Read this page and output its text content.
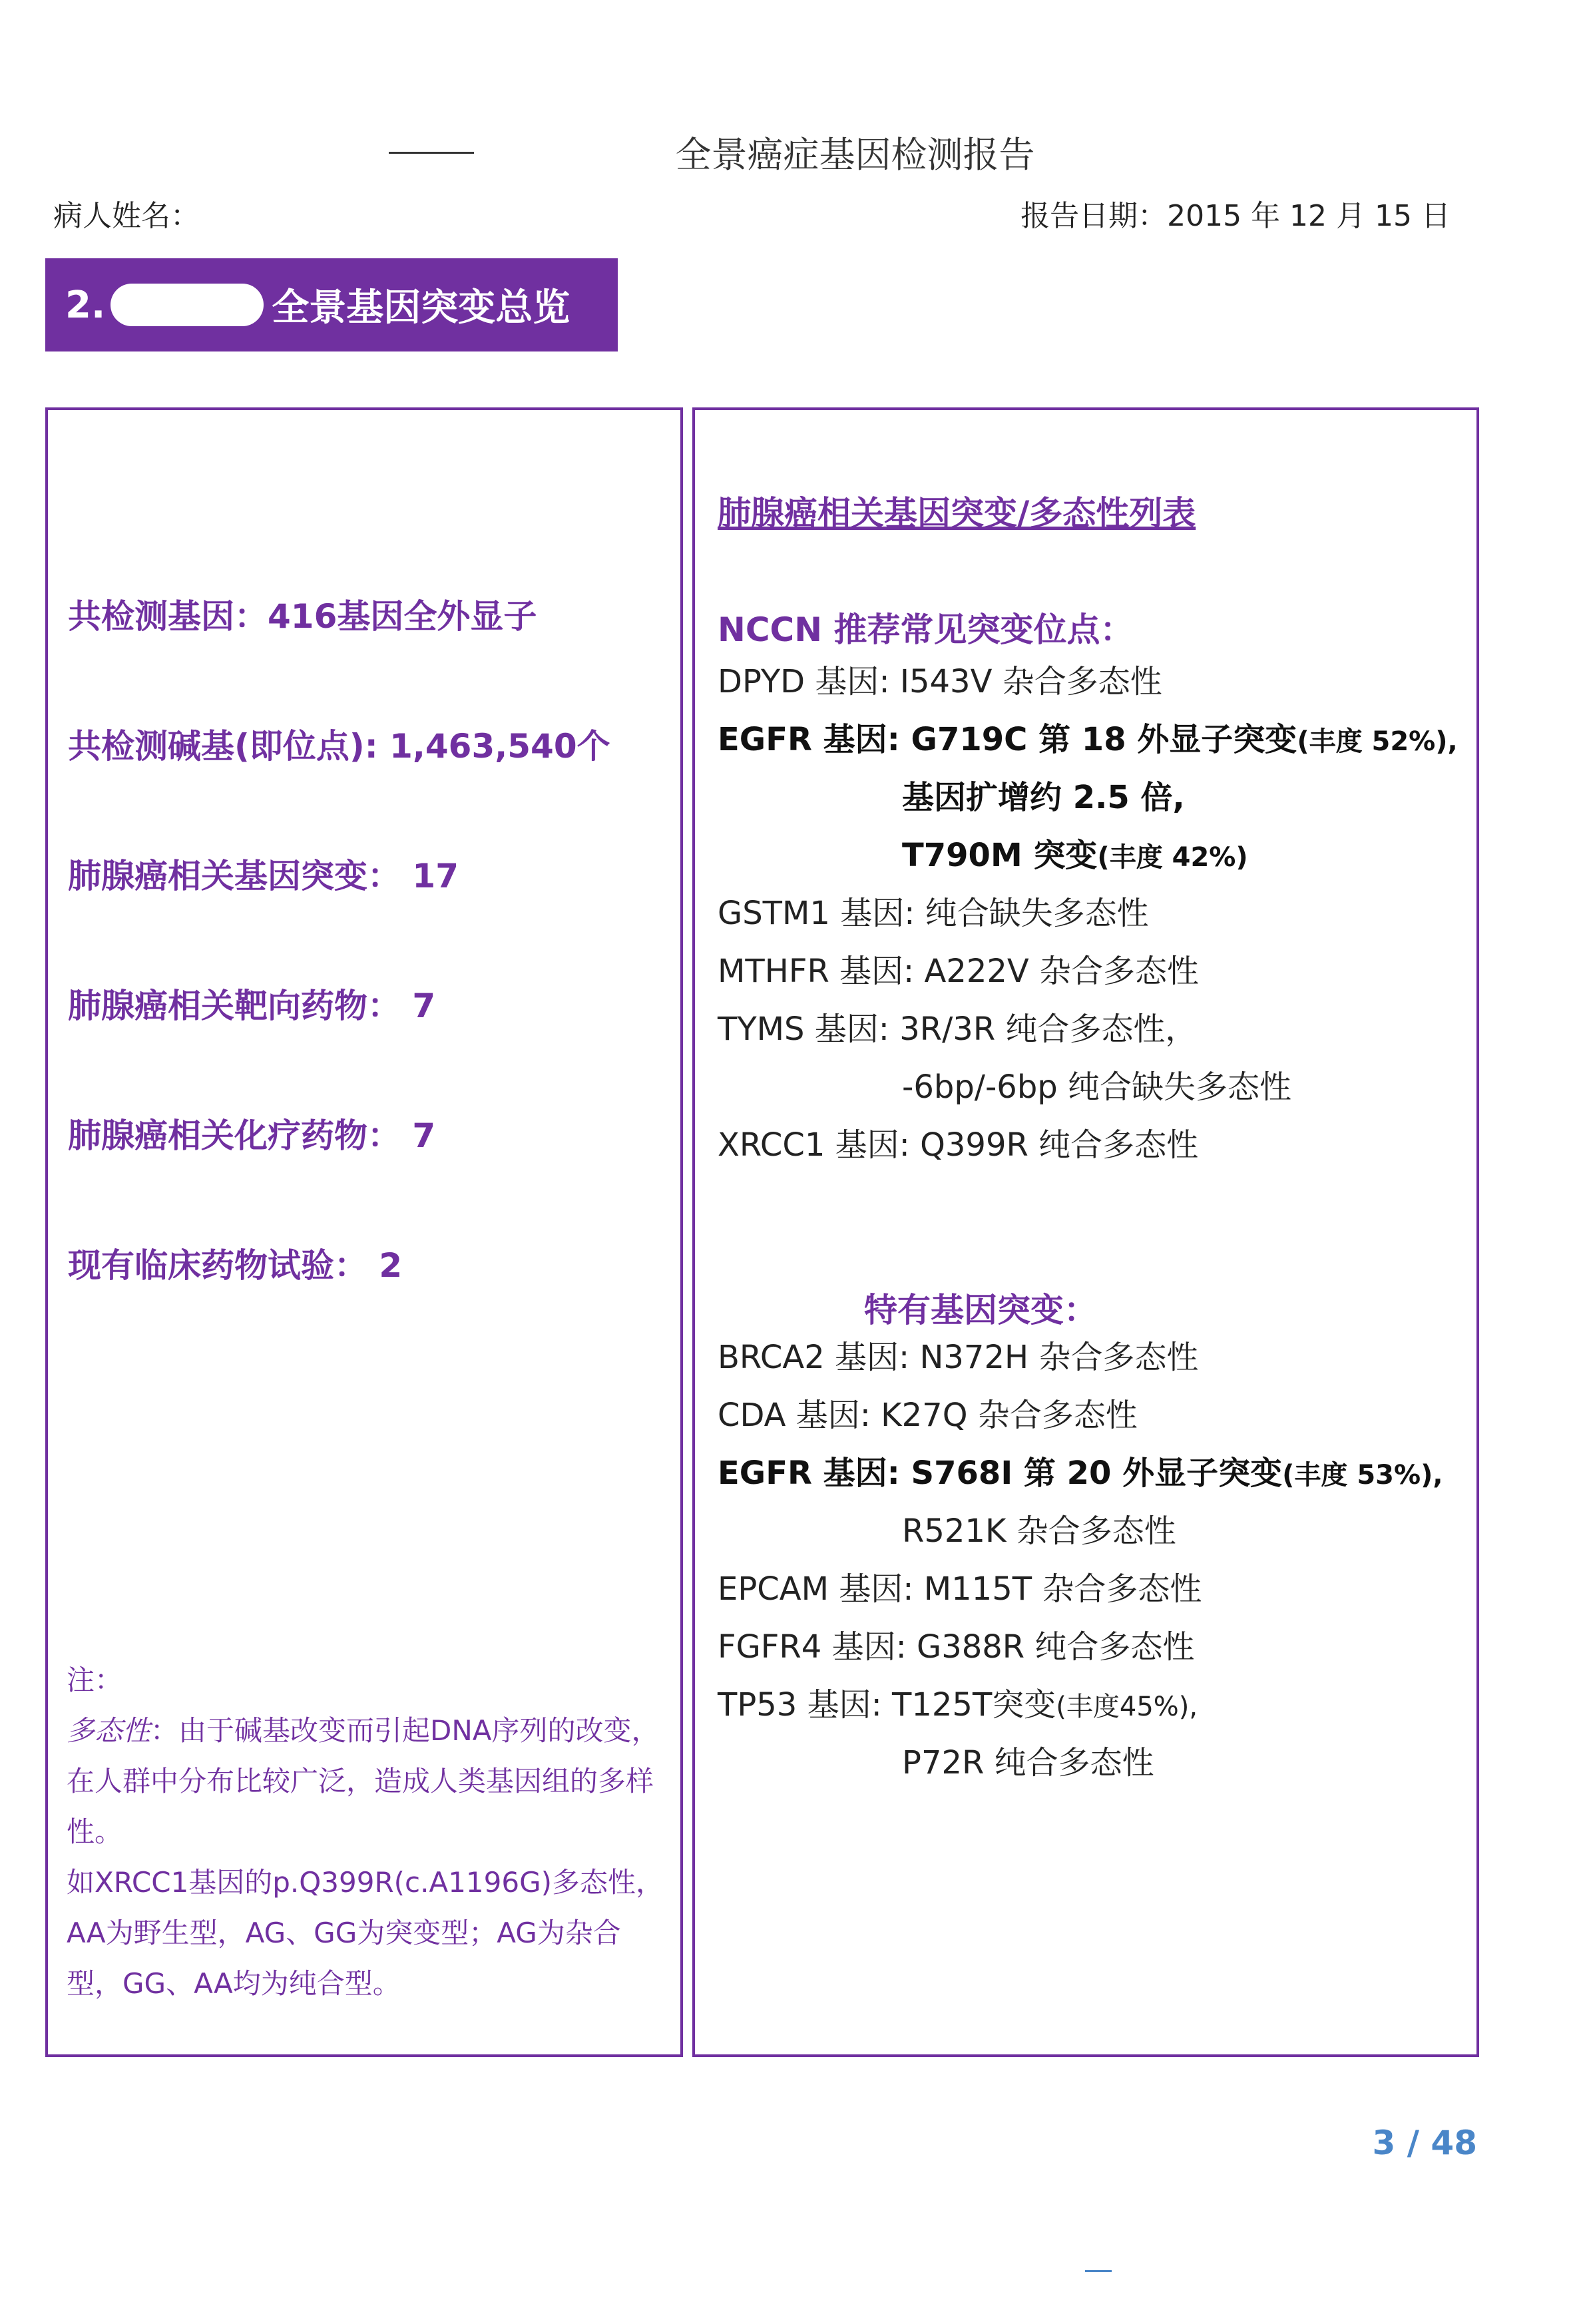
全景癌症基因检测报告
病人姓名：	报告日期：2015 年 12 月 15 日
2.	全景基因突变总览
共检测基因：416基因全外显子
共检测碱基(即位点): 1,463,540个
肺腺癌相关基因突变： 17
肺腺癌相关靶向药物： 7
肺腺癌相关化疗药物： 7
现有临床药物试验： 2
注：
多态性：由于碱基改变而引起DNA序列的改变，在人群中分布比较广泛，造成人类基因组的多样性。
如XRCC1基因的p.Q399R(c.A1196G)多态性，AA为野生型，AG、GG为突变型；AG为杂合型，GG、AA均为纯合型。
肺腺癌相关基因突变/多态性列表
NCCN 推荐常见突变位点：
DPYD 基因: I543V 杂合多态性
EGFR 基因: G719C 第 18 外显子突变(丰度 52%),
基因扩增约 2.5 倍,
T790M 突变(丰度 42%)
GSTM1 基因: 纯合缺失多态性
MTHFR 基因: A222V 杂合多态性
TYMS 基因: 3R/3R 纯合多态性，
-6bp/-6bp 纯合缺失多态性
XRCC1 基因: Q399R 纯合多态性
特有基因突变：
BRCA2 基因: N372H 杂合多态性
CDA 基因: K27Q 杂合多态性
EGFR 基因: S768I 第 20 外显子突变(丰度 53%),
R521K 杂合多态性
EPCAM 基因: M115T 杂合多态性
FGFR4 基因: G388R 纯合多态性
TP53 基因: T125T突变(丰度45%),
P72R 纯合多态性
3 / 48
